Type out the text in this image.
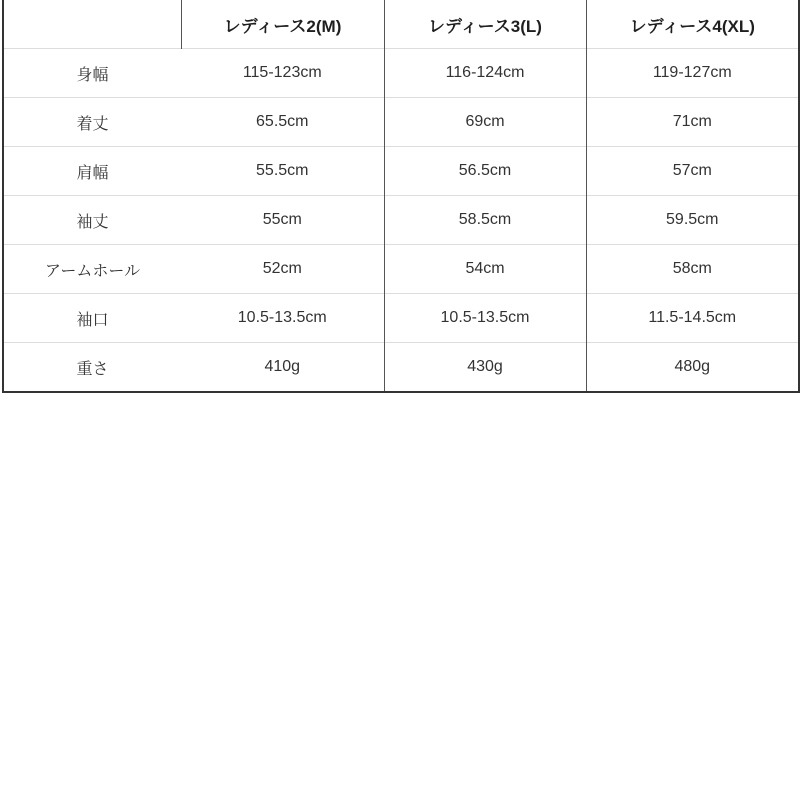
	レディース2(M)	レディース3(L)	レディース4(XL)
身幅	115-123cm	116-124cm	119-127cm
着丈	65.5cm	69cm	71cm
肩幅	55.5cm	56.5cm	57cm
袖丈	55cm	58.5cm	59.5cm
アームホール	52cm	54cm	58cm
袖口	10.5-13.5cm	10.5-13.5cm	11.5-14.5cm
重さ	410g	430g	480g
